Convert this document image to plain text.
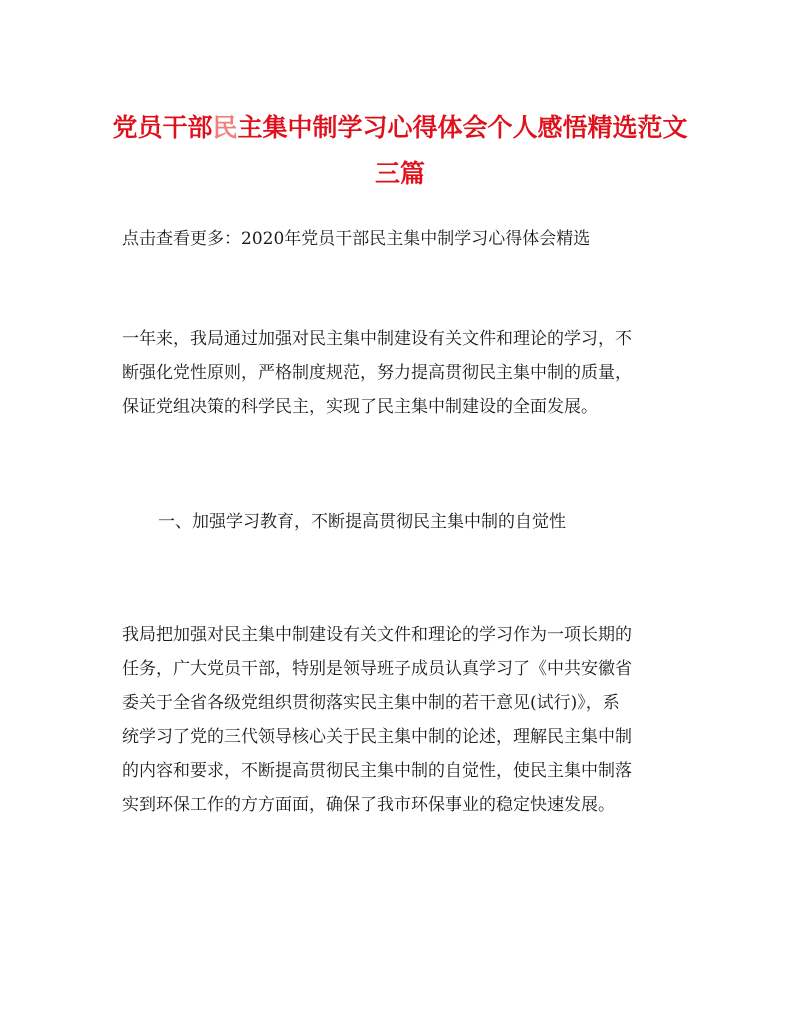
党员干部民主集中制学习心得体会个人感悟精选范文
三篇
点击查看更多：2020年党员干部民主集中制学习心得体会精选
一年来，我局通过加强对民主集中制建设有关文件和理论的学习，不
断强化党性原则，严格制度规范，努力提高贯彻民主集中制的质量，
保证党组决策的科学民主，实现了民主集中制建设的全面发展。
一、加强学习教育，不断提高贯彻民主集中制的自觉性
我局把加强对民主集中制建设有关文件和理论的学习作为一项长期的
任务，广大党员干部，特别是领导班子成员认真学习了《中共安徽省
委关于全省各级党组织贯彻落实民主集中制的若干意见(试行)》，系
统学习了党的三代领导核心关于民主集中制的论述，理解民主集中制
的内容和要求，不断提高贯彻民主集中制的自觉性，使民主集中制落
实到环保工作的方方面面，确保了我市环保事业的稳定快速发展。
